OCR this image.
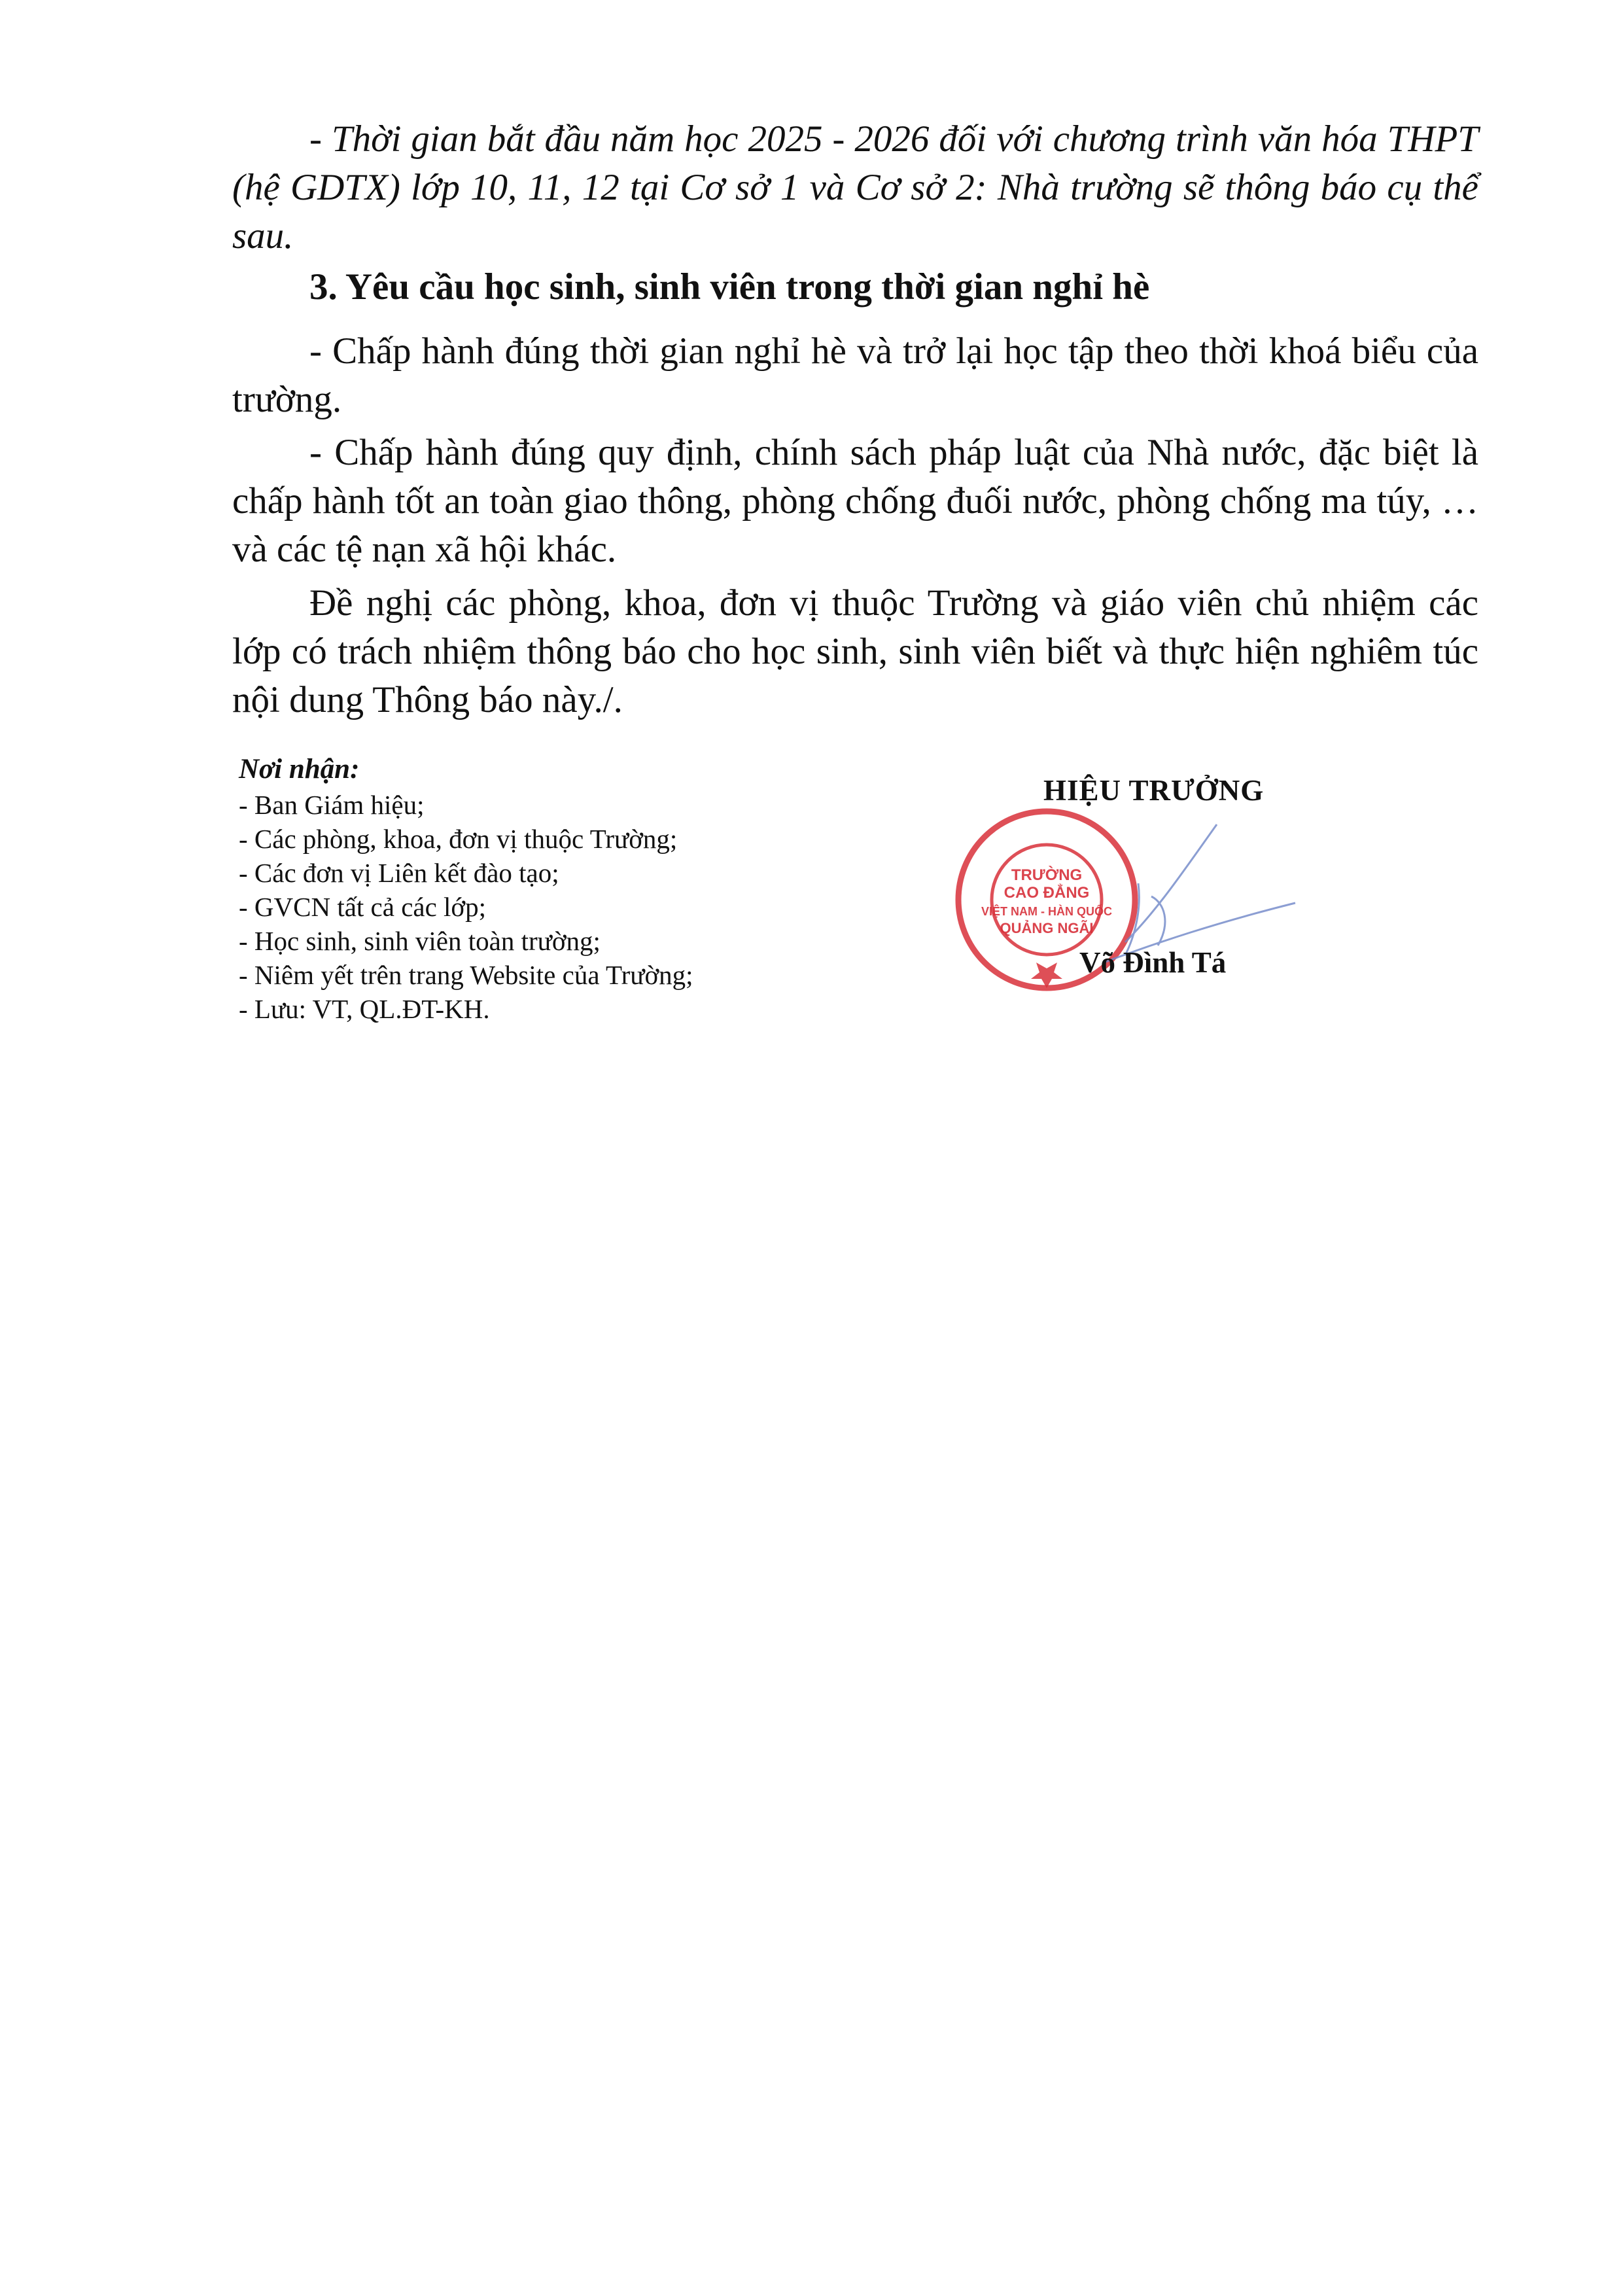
- Thời gian bắt đầu năm học 2025 - 2026 đối với chương trình văn hóa THPT (hệ GDTX) lớp 10, 11, 12 tại Cơ sở 1 và Cơ sở 2: Nhà trường sẽ thông báo cụ thể sau.

3. Yêu cầu học sinh, sinh viên trong thời gian nghỉ hè

- Chấp hành đúng thời gian nghỉ hè và trở lại học tập theo thời khoá biểu của trường.

- Chấp hành đúng quy định, chính sách pháp luật của Nhà nước, đặc biệt là chấp hành tốt an toàn giao thông, phòng chống đuối nước, phòng chống ma túy, … và các tệ nạn xã hội khác.

Đề nghị các phòng, khoa, đơn vị thuộc Trường và giáo viên chủ nhiệm các lớp có trách nhiệm thông báo cho học sinh, sinh viên biết và thực hiện nghiêm túc nội dung Thông báo này./.

Nơi nhận:

- Ban Giám hiệu;
- Các phòng, khoa, đơn vị thuộc Trường;
- Các đơn vị Liên kết đào tạo;
- GVCN tất cả các lớp;
- Học sinh, sinh viên toàn trường;
- Niêm yết trên trang Website của Trường;
- Lưu: VT, QL.ĐT-KH.
TRƯỜNG
CAO ĐẲNG
VIỆT NAM - HÀN QUỐC
QUẢNG NGÃI
HIỆU TRƯỞNG
Võ Đình Tá
